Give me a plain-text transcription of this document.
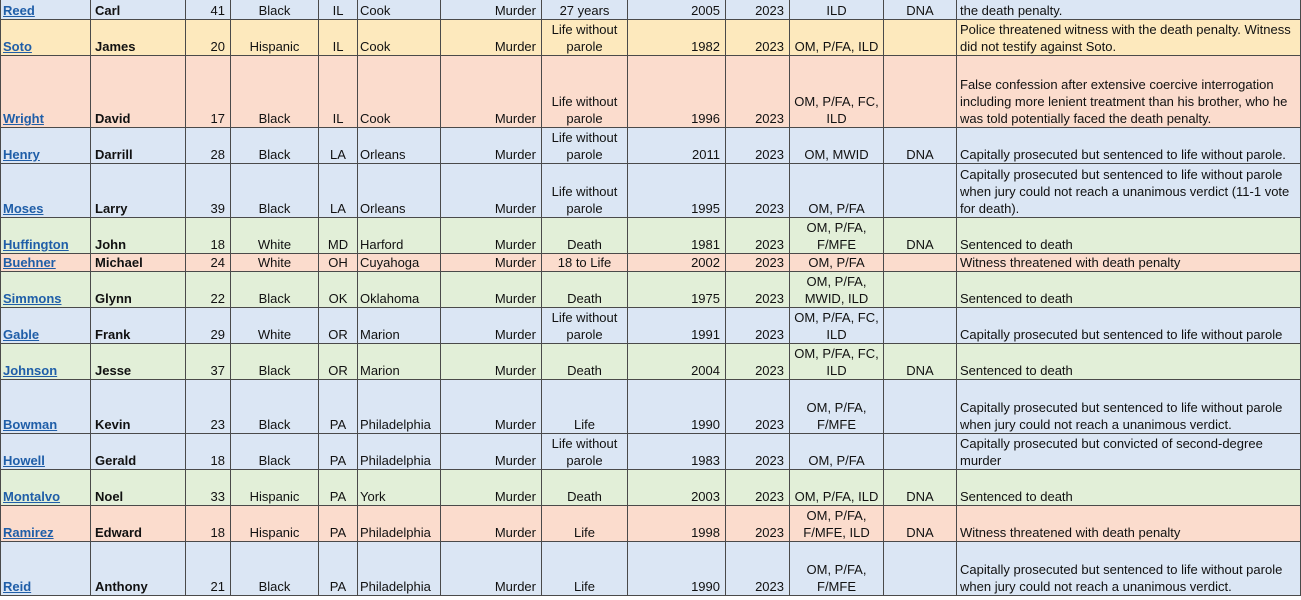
Reed	Carl	41	Black	IL	Cook	Murder	27 years	2005	2023	ILD	DNA	the death penalty.
Soto	James	20	Hispanic	IL	Cook	Murder	Life without parole	1982	2023	OM, P/FA, ILD		Police threatened witness with the death penalty. Witness did not testify against Soto.
Wright	David	17	Black	IL	Cook	Murder	Life without parole	1996	2023	OM, P/FA, FC, ILD		False confession after extensive coercive interrogation including more lenient treatment than his brother, who he was told potentially faced the death penalty.
Henry	Darrill	28	Black	LA	Orleans	Murder	Life without parole	2011	2023	OM, MWID	DNA	Capitally prosecuted but sentenced to life without parole.
Moses	Larry	39	Black	LA	Orleans	Murder	Life without parole	1995	2023	OM, P/FA		Capitally prosecuted but sentenced to life without parole when jury could not reach a unanimous verdict (11-1 vote for death).
Huffington	John	18	White	MD	Harford	Murder	Death	1981	2023	OM, P/FA, F/MFE	DNA	Sentenced to death
Buehner	Michael	24	White	OH	Cuyahoga	Murder	18 to Life	2002	2023	OM, P/FA		Witness threatened with death penalty
Simmons	Glynn	22	Black	OK	Oklahoma	Murder	Death	1975	2023	OM, P/FA, MWID, ILD		Sentenced to death
Gable	Frank	29	White	OR	Marion	Murder	Life without parole	1991	2023	OM, P/FA, FC, ILD		Capitally prosecuted but sentenced to life without parole
Johnson	Jesse	37	Black	OR	Marion	Murder	Death	2004	2023	OM, P/FA, FC, ILD	DNA	Sentenced to death
Bowman	Kevin	23	Black	PA	Philadelphia	Murder	Life	1990	2023	OM, P/FA, F/MFE		Capitally prosecuted but sentenced to life without parole when jury could not reach a unanimous verdict.
Howell	Gerald	18	Black	PA	Philadelphia	Murder	Life without parole	1983	2023	OM, P/FA		Capitally prosecuted but convicted of second-degree murder
Montalvo	Noel	33	Hispanic	PA	York	Murder	Death	2003	2023	OM, P/FA, ILD	DNA	Sentenced to death
Ramirez	Edward	18	Hispanic	PA	Philadelphia	Murder	Life	1998	2023	OM, P/FA, F/MFE, ILD	DNA	Witness threatened with death penalty
Reid	Anthony	21	Black	PA	Philadelphia	Murder	Life	1990	2023	OM, P/FA, F/MFE		Capitally prosecuted but sentenced to life without parole when jury could not reach a unanimous verdict.
